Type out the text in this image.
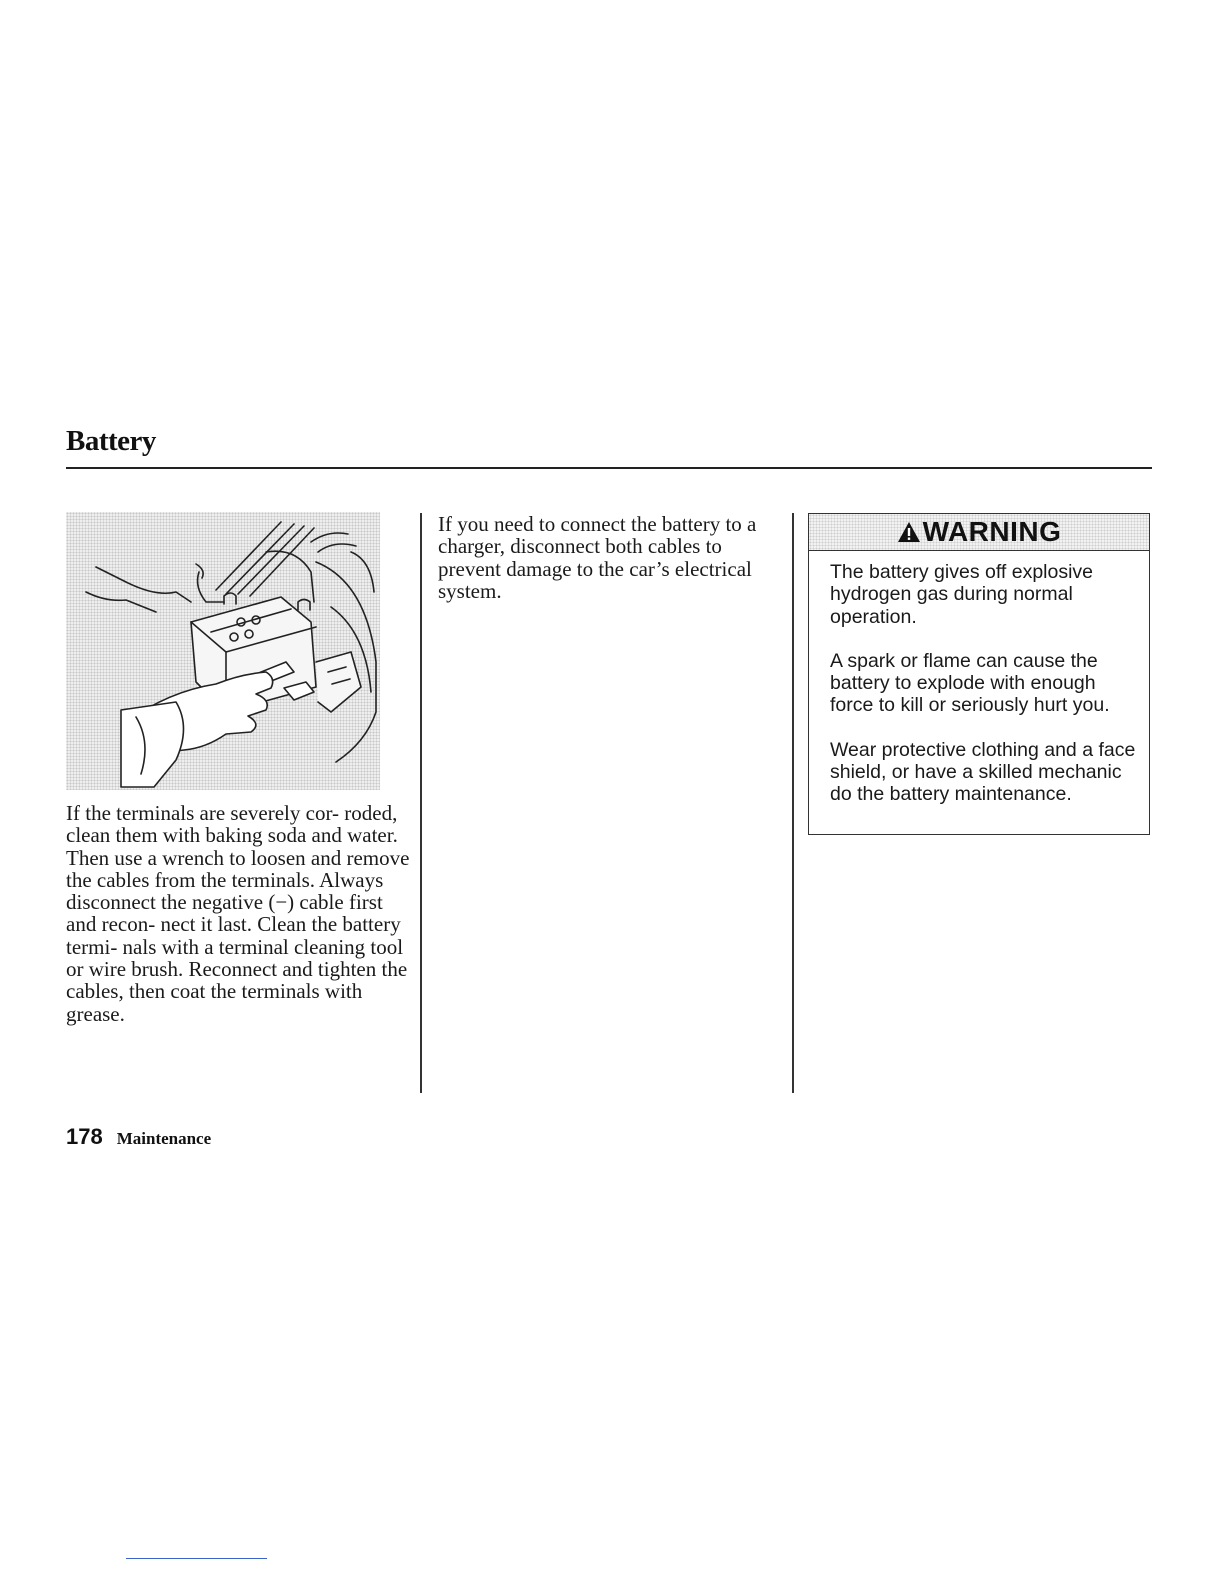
Battery

If the terminals are severely cor- roded, clean them with baking soda and water. Then use a wrench to loosen and remove the cables from the terminals. Always disconnect the negative (−) cable first and recon- nect it last. Clean the battery termi- nals with a terminal cleaning tool or wire brush. Reconnect and tighten the cables, then coat the terminals with grease.

If you need to connect the battery to a charger, disconnect both cables to prevent damage to the car’s electrical system.

WARNING

The battery gives off explosive hydrogen gas during normal operation.

A spark or flame can cause the battery to explode with enough force to kill or seriously hurt you.

Wear protective clothing and a face shield, or have a skilled mechanic do the battery maintenance.

178 Maintenance
